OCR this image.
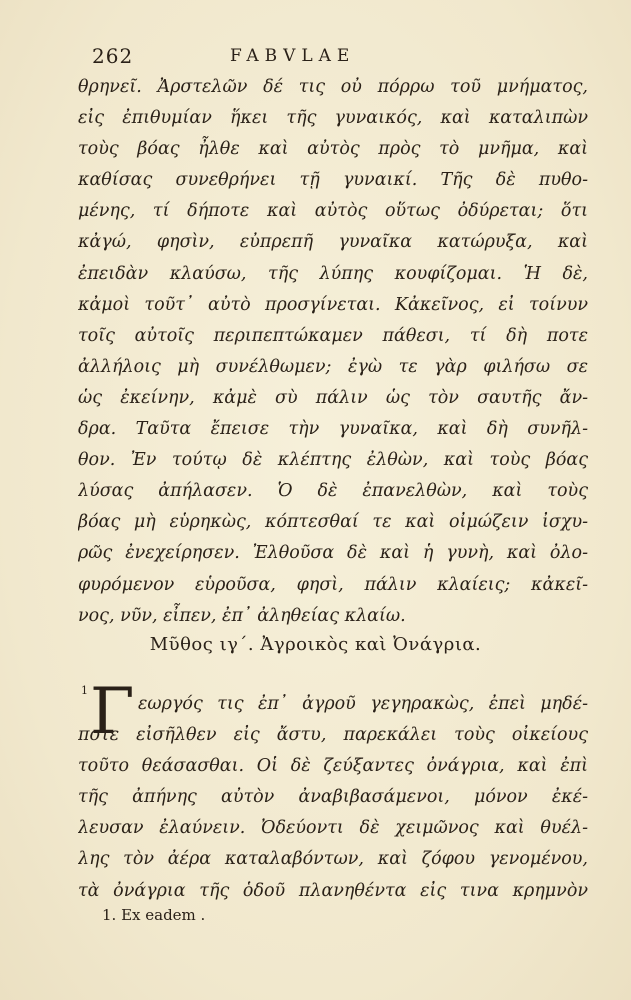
262	FABVLAE
θρηνεῖ. Ἀρστελῶν δέ τις οὐ πόρρω τοῦ μνήματος,
εἰς ἐπιθυμίαν ἥκει τῆς γυναικός, καὶ καταλιπὼν
τοὺς βόας ἦλθε καὶ αὐτὸς πρὸς τὸ μνῆμα, καὶ
καθίσας συνεθρήνει τῇ γυναικί. Τῆς δὲ πυθο-
μένης, τί δήποτε καὶ αὐτὸς οὕτως ὀδύρεται; ὅτι
κἀγώ, φησὶν, εὐπρεπῆ γυναῖκα κατώρυξα, καὶ
ἐπειδὰν κλαύσω, τῆς λύπης κουφίζομαι. Ἡ δὲ,
κἀμοὶ τοῦτ᾽ αὐτὸ προσγίνεται. Κἀκεῖνος, εἰ τοίνυν
τοῖς αὐτοῖς περιπεπτώκαμεν πάθεσι, τί δὴ ποτε
ἀλλήλοις μὴ συνέλθωμεν; ἐγὼ τε γὰρ φιλήσω σε
ὡς ἐκείνην, κἀμὲ σὺ πάλιν ὡς τὸν σαυτῆς ἄν-
δρα. Ταῦτα ἔπεισε τὴν γυναῖκα, καὶ δὴ συνῆλ-
θον. Ἐν τούτῳ δὲ κλέπτης ἐλθὼν, καὶ τοὺς βόας
λύσας ἀπήλασεν. Ὁ δὲ ἐπανελθὼν, καὶ τοὺς
βόας μὴ εὑρηκὼς, κόπτεσθαί τε καὶ οἰμώζειν ἰσχυ-
ρῶς ἐνεχείρησεν. Ἐλθοῦσα δὲ καὶ ἡ γυνὴ, καὶ ὀλο-
φυρόμενον εὑροῦσα, φησὶ, πάλιν κλαίεις; κἀκεῖ-
νος, νῦν, εἶπεν, ἐπ᾽ ἀληθείας κλαίω.
Μῦθος ιγ´. Ἀγροικὸς καὶ Ὀνάγρια.
1 Γ εωργός τις ἐπ᾽ ἀγροῦ γεγηρακὼς, ἐπεὶ μηδέ-
ποτε εἰσῆλθεν εἰς ἄστυ, παρεκάλει τοὺς οἰκείους
τοῦτο θεάσασθαι. Οἱ δὲ ζεύξαντες ὀνάγρια, καὶ ἐπὶ
τῆς ἀπήνης αὐτὸν ἀναβιβασάμενοι, μόνον ἐκέ-
λευσαν ἐλαύνειν. Ὀδεύοντι δὲ χειμῶνος καὶ θυέλ-
λης τὸν ἀέρα καταλαβόντων, καὶ ζόφου γενομένου,
τὰ ὀνάγρια τῆς ὁδοῦ πλανηθέντα εἰς τινα κρημνὸν
1. Ex eadem .
